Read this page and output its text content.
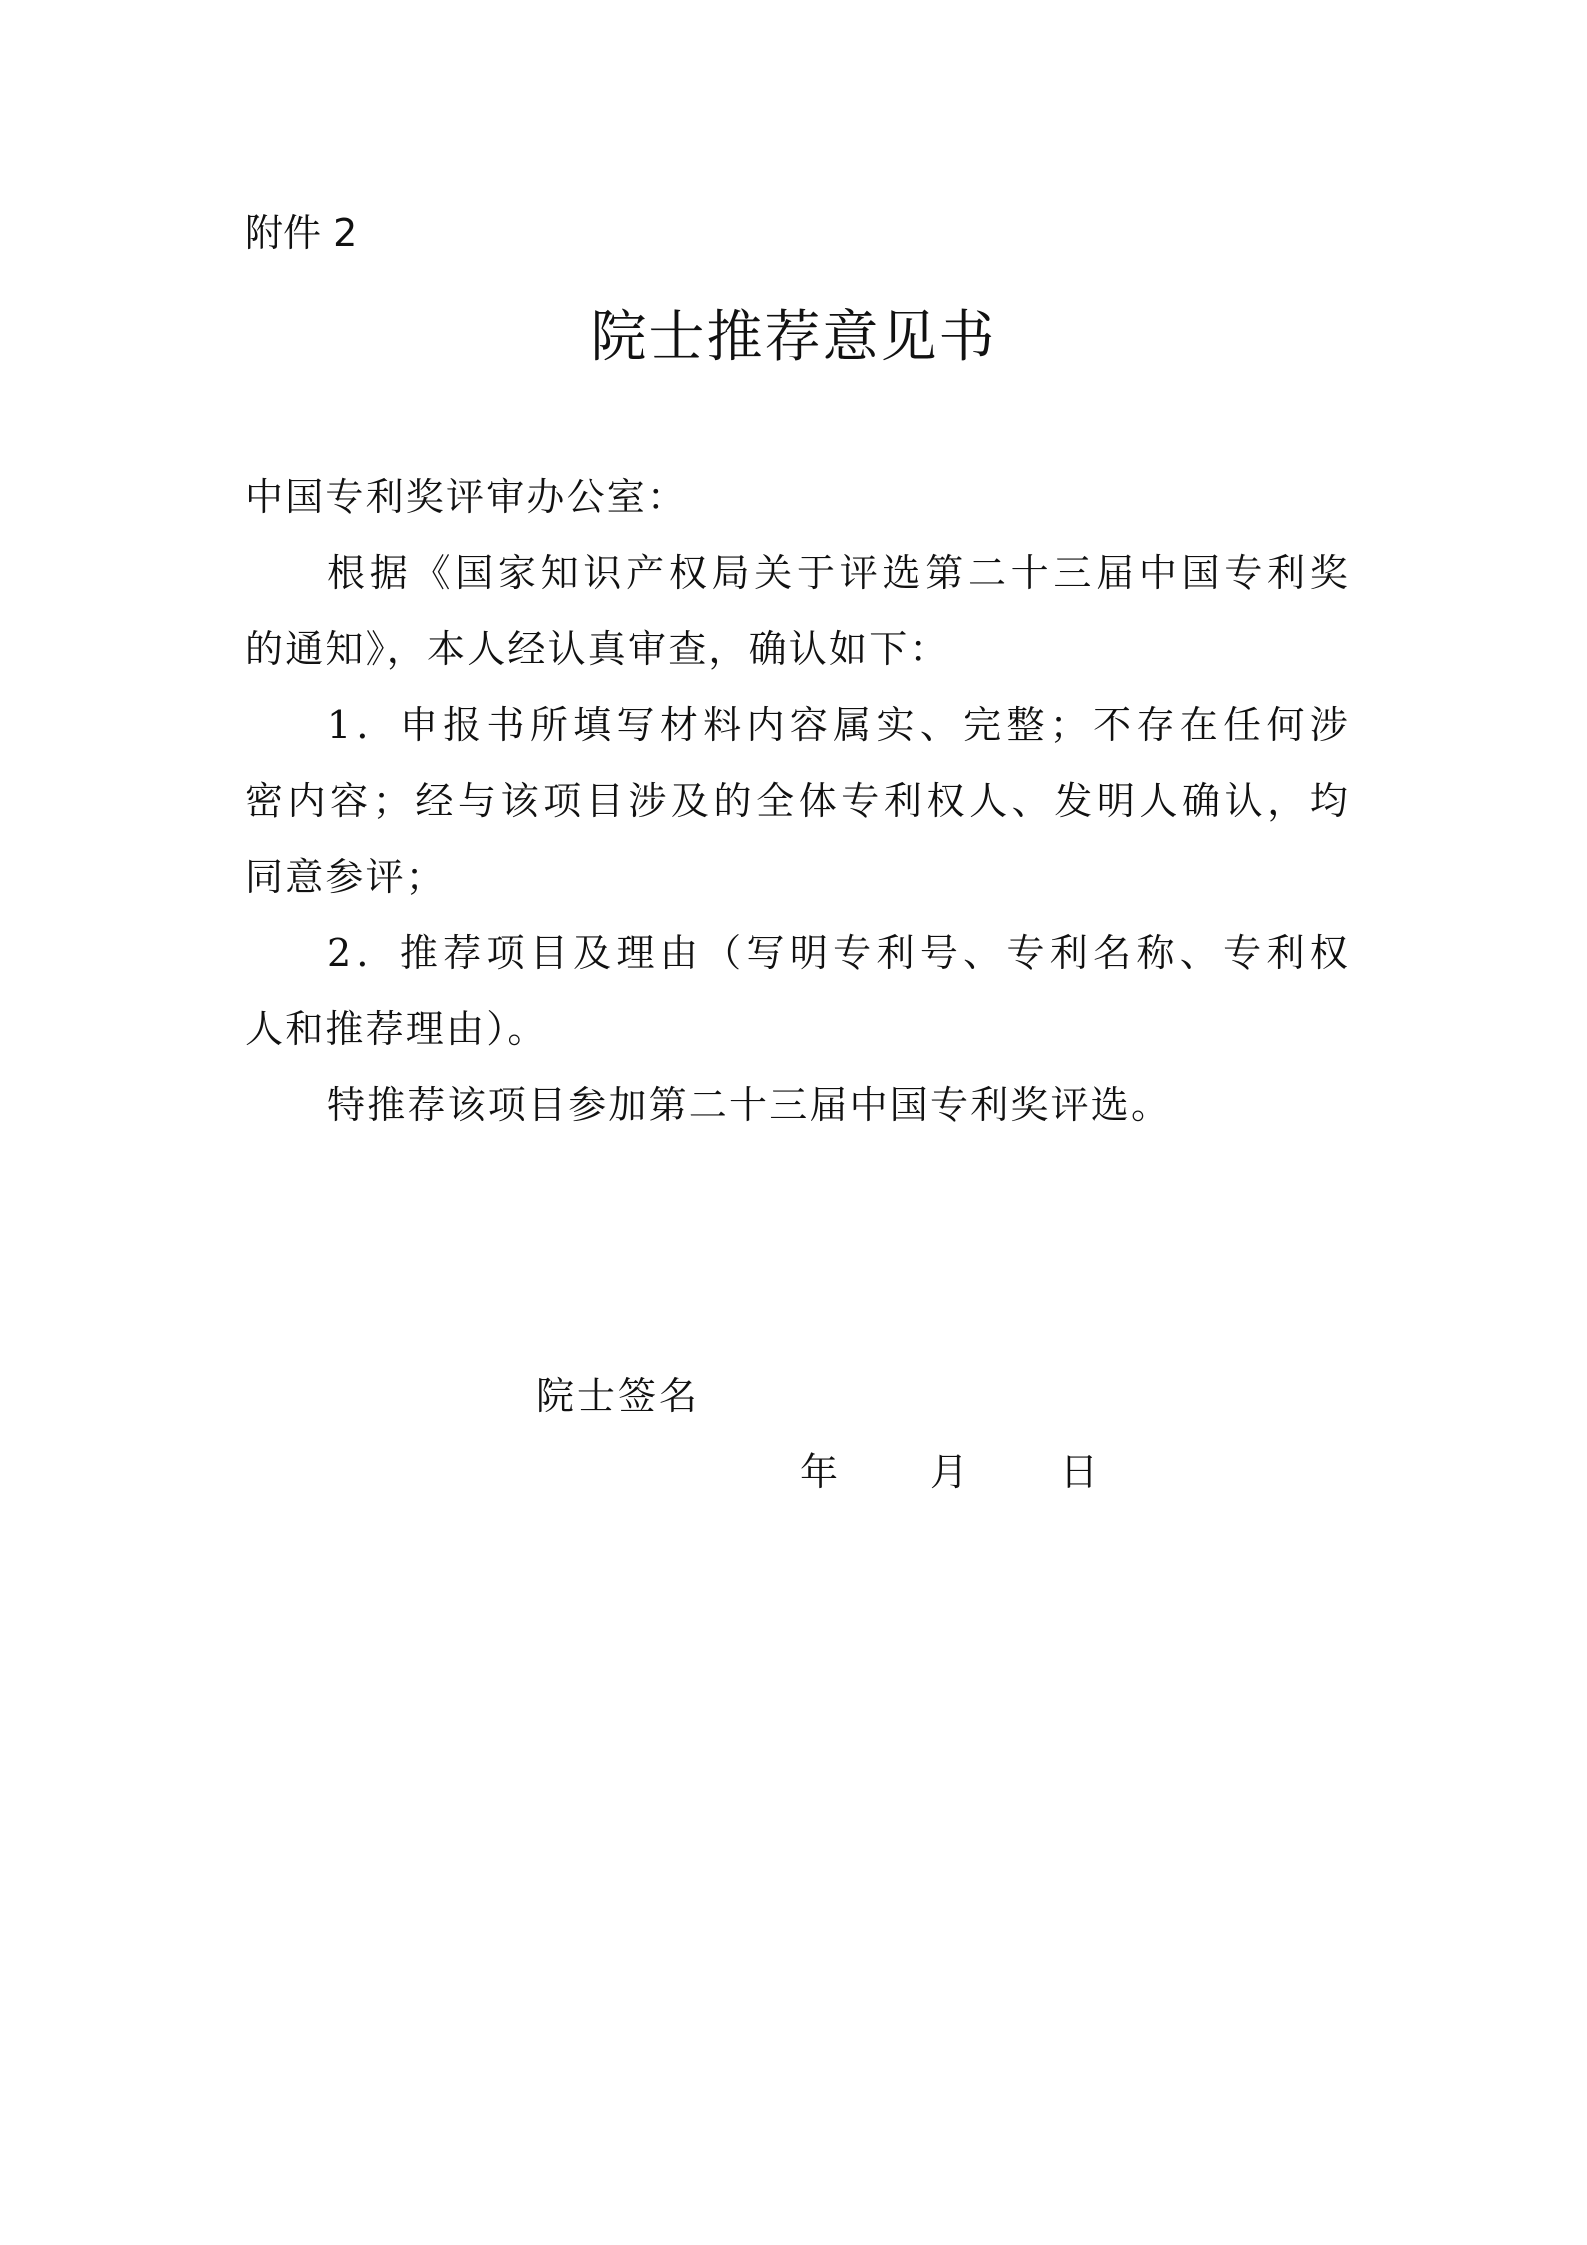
附件 2
院士推荐意见书
中国专利奖评审办公室：
根据《国家知识产权局关于评选第二十三届中国专利奖
的通知》，本人经认真审查，确认如下：
1．申报书所填写材料内容属实、完整；不存在任何涉
密内容；经与该项目涉及的全体专利权人、发明人确认，均
同意参评；
2．推荐项目及理由（写明专利号、专利名称、专利权
人和推荐理由）。
特推荐该项目参加第二十三届中国专利奖评选。
院士签名
年 月 日
